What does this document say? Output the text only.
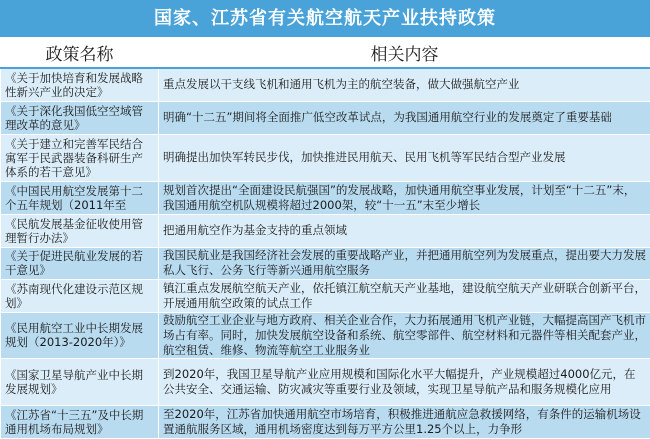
国家、江苏省有关航空航天产业扶持政策
政策名称	相关内容
《关于加快培育和发展战略性新兴产业的决定》	重点发展以干支线飞机和通用飞机为主的航空装备，做大做强航空产业
《关于深化我国低空空域管理改革的意见》	明确“十二五”期间将全面推广低空改革试点，为我国通用航空行业的发展奠定了重要基础
《关于建立和完善军民结合寓军于民武器装备科研生产体系的若干意见》	明确提出加快军转民步伐，加快推进民用航天、民用飞机等军民结合型产业发展
《中国民用航空发展第十二个五年规划（2011年至	规划首次提出“全面建设民航强国”的发展战略，加快通用航空事业发展，计划至“十二五”末，我国通用航空机队规模将超过2000架，较“十一五”末至少增长
《民航发展基金征收使用管理暂行办法》	把通用航空作为基金支持的重点领域
《关于促进民航业发展的若干意见》	我国民航业是我国经济社会发展的重要战略产业，并把通用航空列为发展重点，提出要大力发展私人飞行、公务飞行等新兴通用航空服务
《苏南现代化建设示范区规划》	镇江重点发展航空航天产业，依托镇江航空航天产业基地，建设航空航天产业研联合创新平台，开展通用航空政策的试点工作
《民用航空工业中长期发展规划（2013-2020年）》	鼓励航空工业企业与地方政府、相关企业合作，大力拓展通用飞机产业链，大幅提高国产飞机市场占有率。同时，加快发展航空设备和系统、航空零部件、航空材料和元器件等相关配套产业，航空租赁、维修、物流等航空工业服务业
《国家卫星导航产业中长期发展规划》	到2020年，我国卫星导航产业应用规模和国际化水平大幅提升，产业规模超过4000亿元，在公共安全、交通运输、防灾减灾等重要行业及领域，实现卫星导航产品和服务规模化应用
《江苏省“十三五”及中长期通用机场布局规划》	至2020年，江苏省加快通用航空市场培育，积极推进通航应急救援网络，有条件的运输机场设置通航服务区域，通用机场密度达到每万平方公里1.25个以上，力争形
